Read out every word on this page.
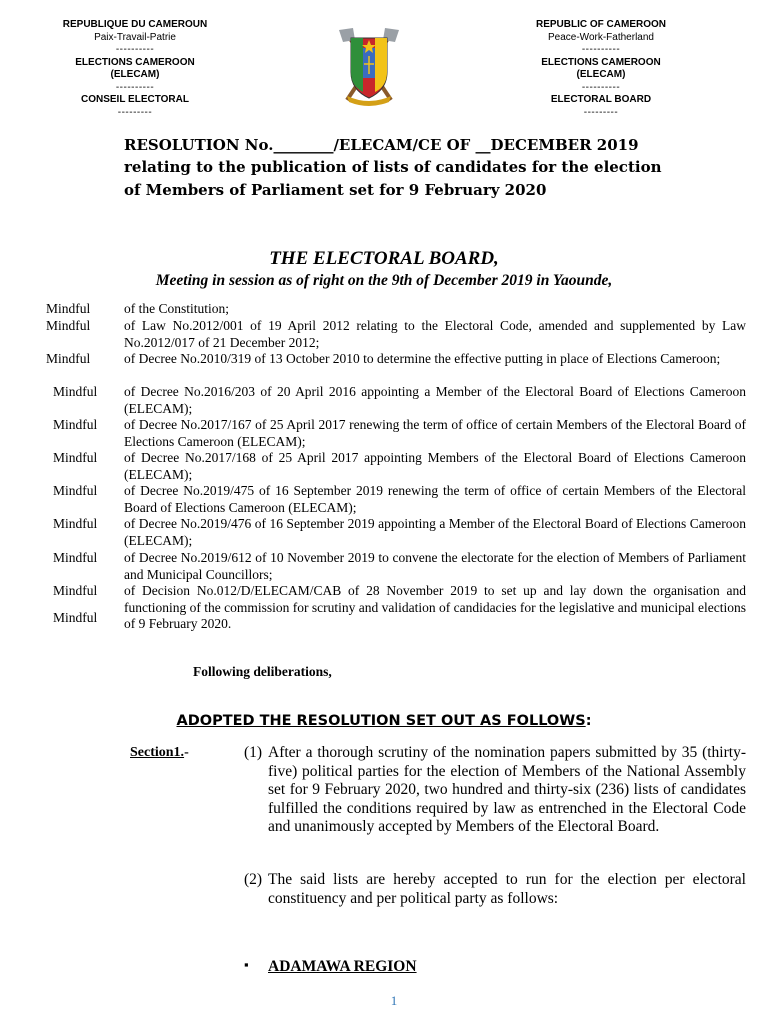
REPUBLIQUE DU CAMEROUN
Paix-Travail-Patrie
----------
ELECTIONS CAMEROON
(ELECAM)
----------
CONSEIL ELECTORAL
---------
REPUBLIC OF CAMEROON
Peace-Work-Fatherland
----------
ELECTIONS CAMEROON
(ELECAM)
----------
ELECTORAL BOARD
---------
RESOLUTION No.________/ELECAM/CE OF __DECEMBER 2019
relating to the publication of lists of candidates for the election
of Members of Parliament set for 9 February 2020
THE ELECTORAL BOARD,
Meeting in session as of right on the 9th of December 2019 in Yaounde,
Mindful of the Constitution;
Mindful of Law No.2012/001 of 19 April 2012 relating to the Electoral Code, amended and supplemented by Law No.2012/017 of 21 December 2012;
Mindful of Decree No.2010/319 of 13 October 2010 to determine the effective putting in place of Elections Cameroon;
Mindful of Decree No.2016/203 of 20 April 2016 appointing a Member of the Electoral Board of Elections Cameroon (ELECAM);
Mindful of Decree No.2017/167 of 25 April 2017 renewing the term of office of certain Members of the Electoral Board of Elections Cameroon (ELECAM);
Mindful of Decree No.2017/168 of 25 April 2017 appointing Members of the Electoral Board of Elections Cameroon (ELECAM);
Mindful of Decree No.2019/475 of 16 September 2019 renewing the term of office of certain Members of the Electoral Board of Elections Cameroon (ELECAM);
Mindful of Decree No.2019/476 of 16 September 2019 appointing a Member of the Electoral Board of Elections Cameroon (ELECAM);
Mindful of Decree No.2019/612 of 10 November 2019 to convene the electorate for the election of Members of Parliament and Municipal Councillors;
Mindful of Decision No.012/D/ELECAM/CAB of 28 November 2019 to set up and lay down the organisation and functioning of the commission for scrutiny and validation of candidacies for the legislative and municipal elections of 9 February 2020.
Mindful
Following deliberations,
ADOPTED THE RESOLUTION SET OUT AS FOLLOWS:
Section1.-	(1) After a thorough scrutiny of the nomination papers submitted by 35 (thirty-five) political parties for the election of Members of the National Assembly set for 9 February 2020, two hundred and thirty-six (236) lists of candidates fulfilled the conditions required by law as entrenched in the Electoral Code and unanimously accepted by Members of the Electoral Board.
(2) The said lists are hereby accepted to run for the election per electoral constituency and per political party as follows:
▪ ADAMAWA REGION
1
